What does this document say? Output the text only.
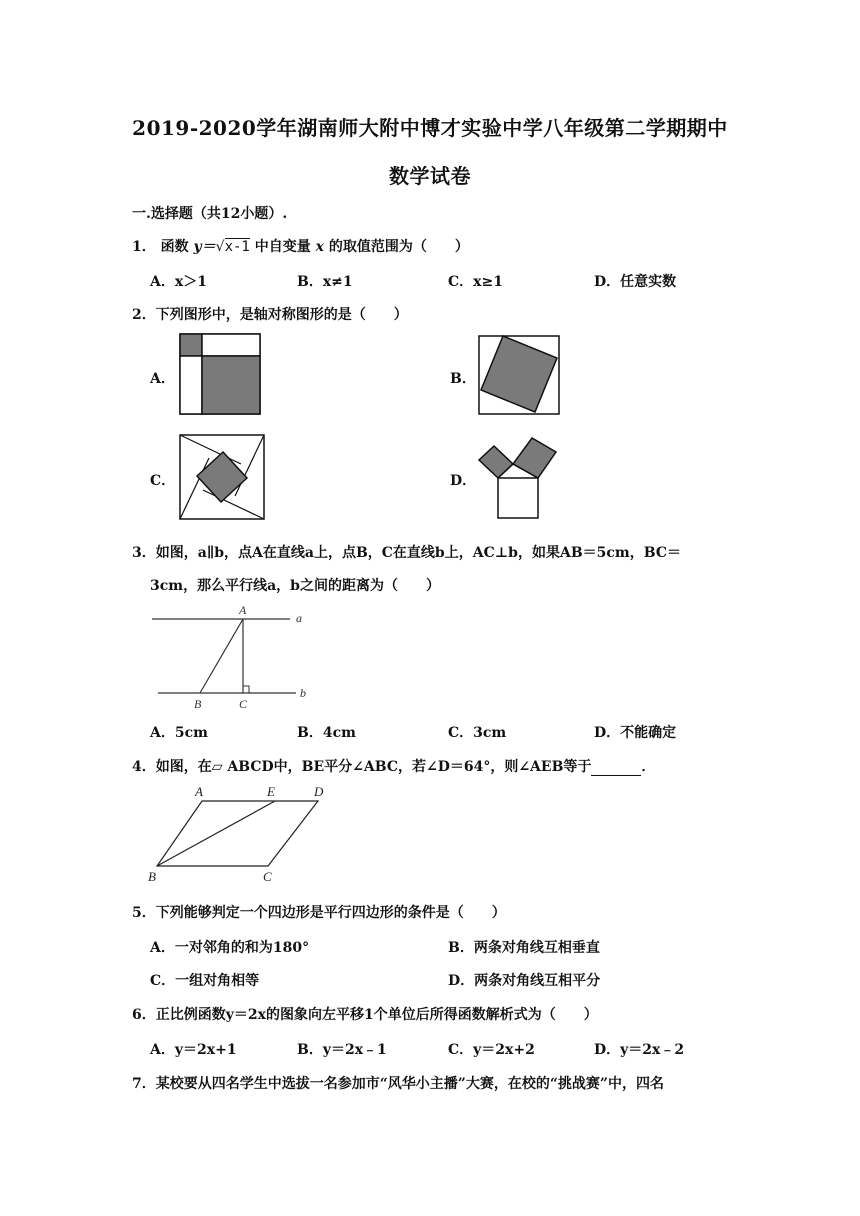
2019-2020学年湖南师大附中博才实验中学八年级第二学期期中
数学试卷
一.选择题（共12小题）.
1． 函数 y＝√x-1 中自变量 x 的取值范围为（　　）
A．x＞1	B．x≠1	C．x≥1	D．任意实数
2．下列图形中，是轴对称图形的是（　　）
A．	B．
C．	D．
3．如图，a∥b，点A在直线a上，点B，C在直线b上，AC⊥b，如果AB＝5cm，BC＝
3cm，那么平行线a，b之间的距离为（　　）
A
a
B	C
b
A．5cm	B．4cm	C．3cm	D．不能确定
4．如图，在▱ ABCD中，BE平分∠ABC，若∠D＝64°，则∠AEB等于	．
A	E	D
B	C
5．下列能够判定一个四边形是平行四边形的条件是（　　）
A．一对邻角的和为180°	B．两条对角线互相垂直
C．一组对角相等	D．两条对角线互相平分
6．正比例函数y＝2x的图象向左平移1个单位后所得函数解析式为（　　）
A．y＝2x+1	B．y＝2x﹣1	C．y＝2x+2	D．y＝2x﹣2
7．某校要从四名学生中选拔一名参加市“风华小主播”大赛，在校的“挑战赛”中，四名
